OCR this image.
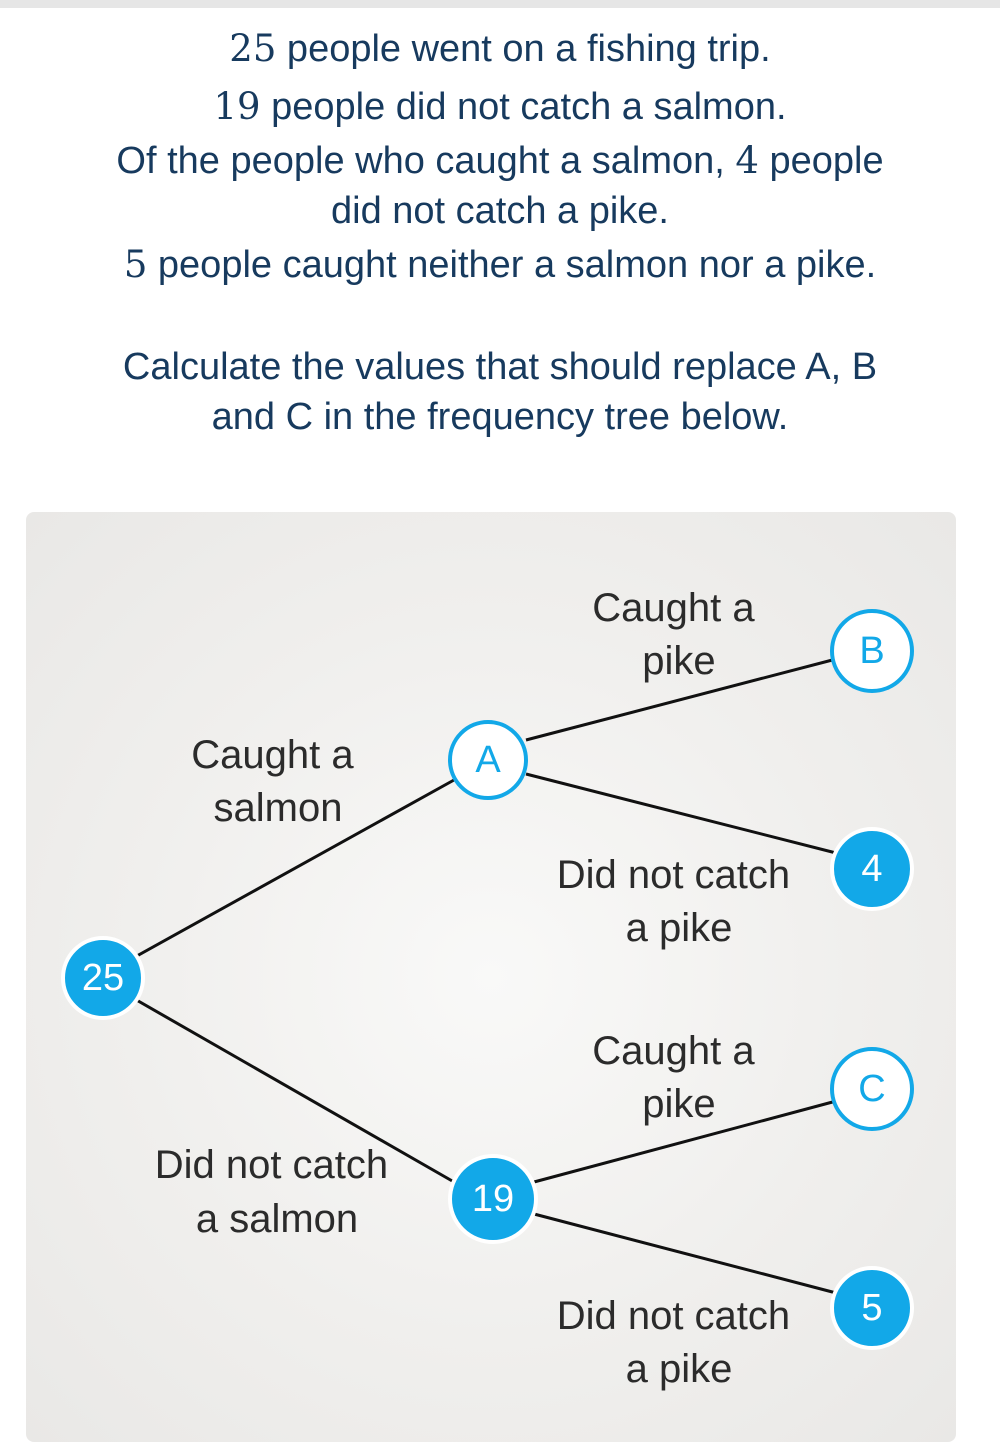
25 people went on a fishing trip.
19 people did not catch a salmon.
Of the people who caught a salmon, 4 people
did not catch a pike.
5 people caught neither a salmon nor a pike.
Calculate the values that should replace A, B
and C in the frequency tree below.
Caught a salmon
Did not catch a salmon
Caught a pike
Did not catch a pike
Caught a pike
Did not catch a pike
25
A
B
4
19
C
5
